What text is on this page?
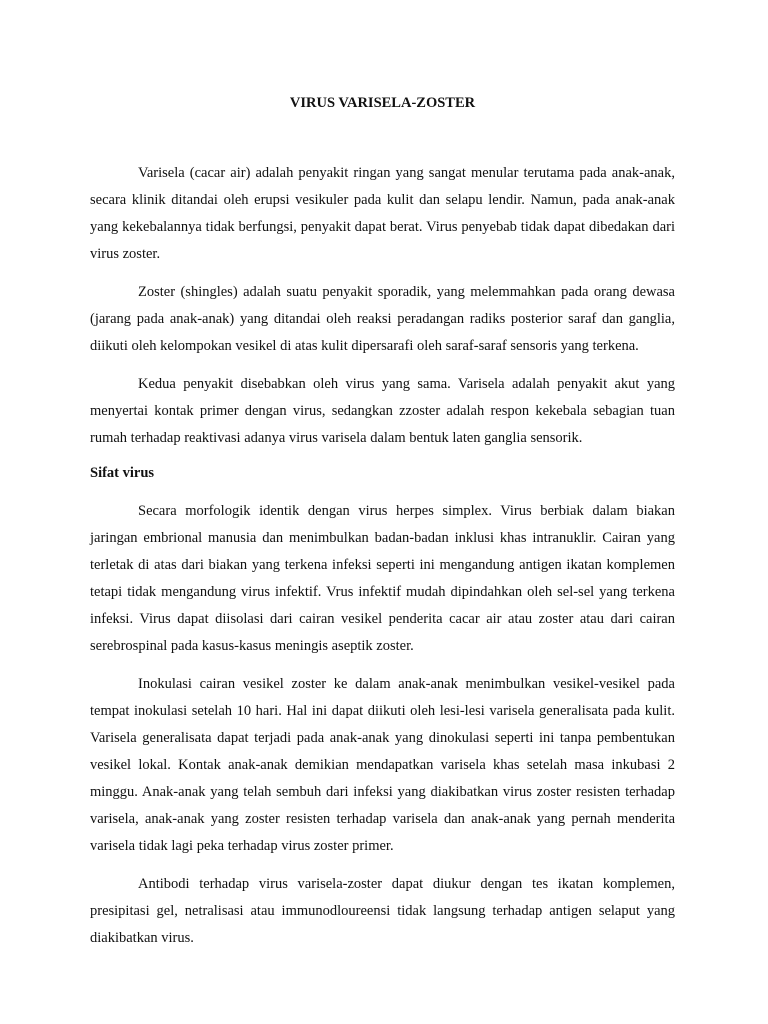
VIRUS VARISELA-ZOSTER

Varisela (cacar air) adalah penyakit ringan yang sangat menular terutama pada anak-anak, secara klinik ditandai oleh erupsi vesikuler pada kulit dan selapu lendir. Namun, pada anak-anak yang kekebalannya tidak berfungsi, penyakit dapat berat. Virus penyebab tidak dapat dibedakan dari virus zoster.

Zoster (shingles) adalah suatu penyakit sporadik, yang melemmahkan pada orang dewasa (jarang pada anak-anak) yang ditandai oleh reaksi peradangan radiks posterior saraf dan ganglia, diikuti oleh kelompokan vesikel di atas kulit dipersarafi oleh saraf-saraf sensoris yang terkena.

Kedua penyakit disebabkan oleh virus yang sama. Varisela adalah penyakit akut yang menyertai kontak primer dengan virus, sedangkan zzoster adalah respon kekebala sebagian tuan rumah terhadap reaktivasi adanya virus varisela dalam bentuk laten ganglia sensorik.

Sifat virus

Secara morfologik identik dengan virus herpes simplex. Virus berbiak dalam biakan jaringan embrional manusia dan menimbulkan badan-badan inklusi khas intranuklir. Cairan yang terletak di atas dari biakan yang terkena infeksi seperti ini mengandung antigen ikatan komplemen tetapi tidak mengandung virus infektif. Vrus infektif mudah dipindahkan oleh sel-sel yang terkena infeksi. Virus dapat diisolasi dari cairan vesikel penderita cacar air atau zoster atau dari cairan serebrospinal pada kasus-kasus meningis aseptik zoster.

Inokulasi cairan vesikel zoster ke dalam anak-anak menimbulkan vesikel-vesikel pada tempat inokulasi setelah 10 hari. Hal ini dapat diikuti oleh lesi-lesi varisela generalisata pada kulit. Varisela generalisata dapat terjadi pada anak-anak yang dinokulasi seperti ini tanpa pembentukan vesikel lokal. Kontak anak-anak demikian mendapatkan varisela khas setelah masa inkubasi 2 minggu. Anak-anak yang telah sembuh dari infeksi yang diakibatkan virus zoster resisten terhadap varisela, anak-anak yang zoster resisten terhadap varisela dan anak-anak yang pernah menderita varisela tidak lagi peka terhadap virus zoster primer.

Antibodi terhadap virus varisela-zoster dapat diukur dengan tes ikatan komplemen, presipitasi gel, netralisasi atau immunodloureensi tidak langsung terhadap antigen selaput yang diakibatkan virus.
